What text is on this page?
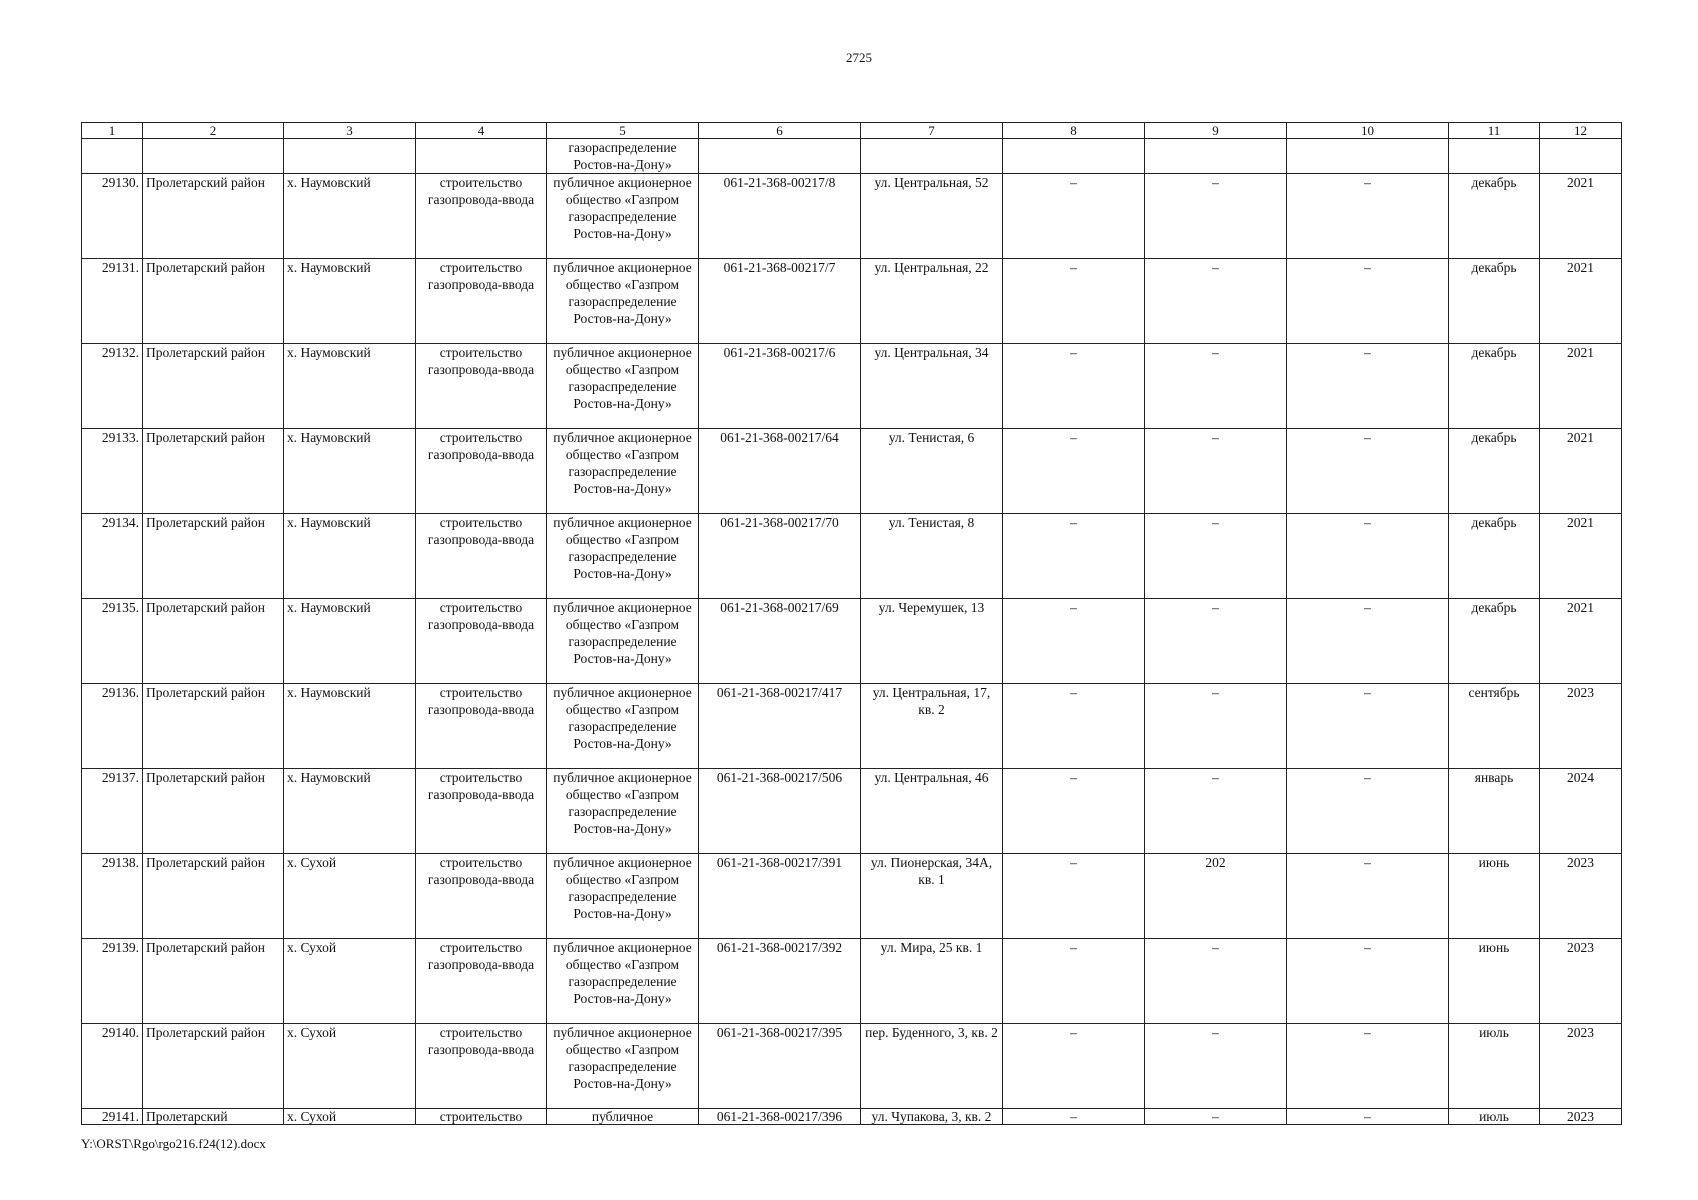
2725
1	2	3	4	5	6	7	8	9	10	11	12
				газораспределение Ростов-на-Дону»							
29130.	Пролетарский район	х. Наумовский	строительство газопровода-ввода	публичное акционерное общество «Газпром газораспределение Ростов-на-Дону»	061-21-368-00217/8	ул. Центральная, 52	–	–	–	декабрь	2021
29131.	Пролетарский район	х. Наумовский	строительство газопровода-ввода	публичное акционерное общество «Газпром газораспределение Ростов-на-Дону»	061-21-368-00217/7	ул. Центральная, 22	–	–	–	декабрь	2021
29132.	Пролетарский район	х. Наумовский	строительство газопровода-ввода	публичное акционерное общество «Газпром газораспределение Ростов-на-Дону»	061-21-368-00217/6	ул. Центральная, 34	–	–	–	декабрь	2021
29133.	Пролетарский район	х. Наумовский	строительство газопровода-ввода	публичное акционерное общество «Газпром газораспределение Ростов-на-Дону»	061-21-368-00217/64	ул. Тенистая, 6	–	–	–	декабрь	2021
29134.	Пролетарский район	х. Наумовский	строительство газопровода-ввода	публичное акционерное общество «Газпром газораспределение Ростов-на-Дону»	061-21-368-00217/70	ул. Тенистая, 8	–	–	–	декабрь	2021
29135.	Пролетарский район	х. Наумовский	строительство газопровода-ввода	публичное акционерное общество «Газпром газораспределение Ростов-на-Дону»	061-21-368-00217/69	ул. Черемушек, 13	–	–	–	декабрь	2021
29136.	Пролетарский район	х. Наумовский	строительство газопровода-ввода	публичное акционерное общество «Газпром газораспределение Ростов-на-Дону»	061-21-368-00217/417	ул. Центральная, 17, кв. 2	–	–	–	сентябрь	2023
29137.	Пролетарский район	х. Наумовский	строительство газопровода-ввода	публичное акционерное общество «Газпром газораспределение Ростов-на-Дону»	061-21-368-00217/506	ул. Центральная, 46	–	–	–	январь	2024
29138.	Пролетарский район	х. Сухой	строительство газопровода-ввода	публичное акционерное общество «Газпром газораспределение Ростов-на-Дону»	061-21-368-00217/391	ул. Пионерская, 34А, кв. 1	–	202	–	июнь	2023
29139.	Пролетарский район	х. Сухой	строительство газопровода-ввода	публичное акционерное общество «Газпром газораспределение Ростов-на-Дону»	061-21-368-00217/392	ул. Мира, 25 кв. 1	–	–	–	июнь	2023
29140.	Пролетарский район	х. Сухой	строительство газопровода-ввода	публичное акционерное общество «Газпром газораспределение Ростов-на-Дону»	061-21-368-00217/395	пер. Буденного, 3, кв. 2	–	–	–	июль	2023
29141.	Пролетарский	х. Сухой	строительство	публичное	061-21-368-00217/396	ул. Чупакова, 3, кв. 2	–	–	–	июль	2023
Y:\ORST\Rgo\rgo216.f24(12).docx
